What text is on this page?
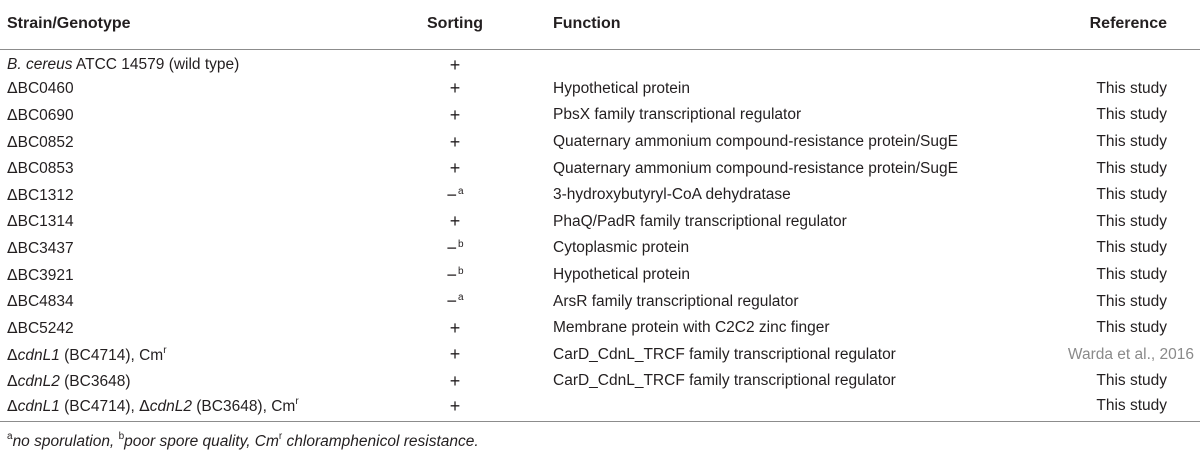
Strain/Genotype	Sorting	Function	Reference
B. cereus ATCC 14579 (wild type)	+		
ΔBC0460	+	Hypothetical protein	This study
ΔBC0690	+	PbsX family transcriptional regulator	This study
ΔBC0852	+	Quaternary ammonium compound-resistance protein/SugE	This study
ΔBC0853	+	Quaternary ammonium compound-resistance protein/SugE	This study
ΔBC1312	−$^a$	3-hydroxybutyryl-CoA dehydratase	This study
ΔBC1314	+	PhaQ/PadR family transcriptional regulator	This study
ΔBC3437	−$^b$	Cytoplasmic protein	This study
ΔBC3921	−$^b$	Hypothetical protein	This study
ΔBC4834	−$^a$	ArsR family transcriptional regulator	This study
ΔBC5242	+	Membrane protein with C2C2 zinc finger	This study
ΔcdnL1 (BC4714), $Cm^r$	+	CarD_CdnL_TRCF family transcriptional regulator	Warda et al., 2016
ΔcdnL2 (BC3648)	+	CarD_CdnL_TRCF family transcriptional regulator	This study
ΔcdnL1 (BC4714), ΔcdnL2 (BC3648), $Cm^r$	+		This study
$^a$no sporulation, $^b$poor spore quality, Cm$^r$ chloramphenicol resistance.
